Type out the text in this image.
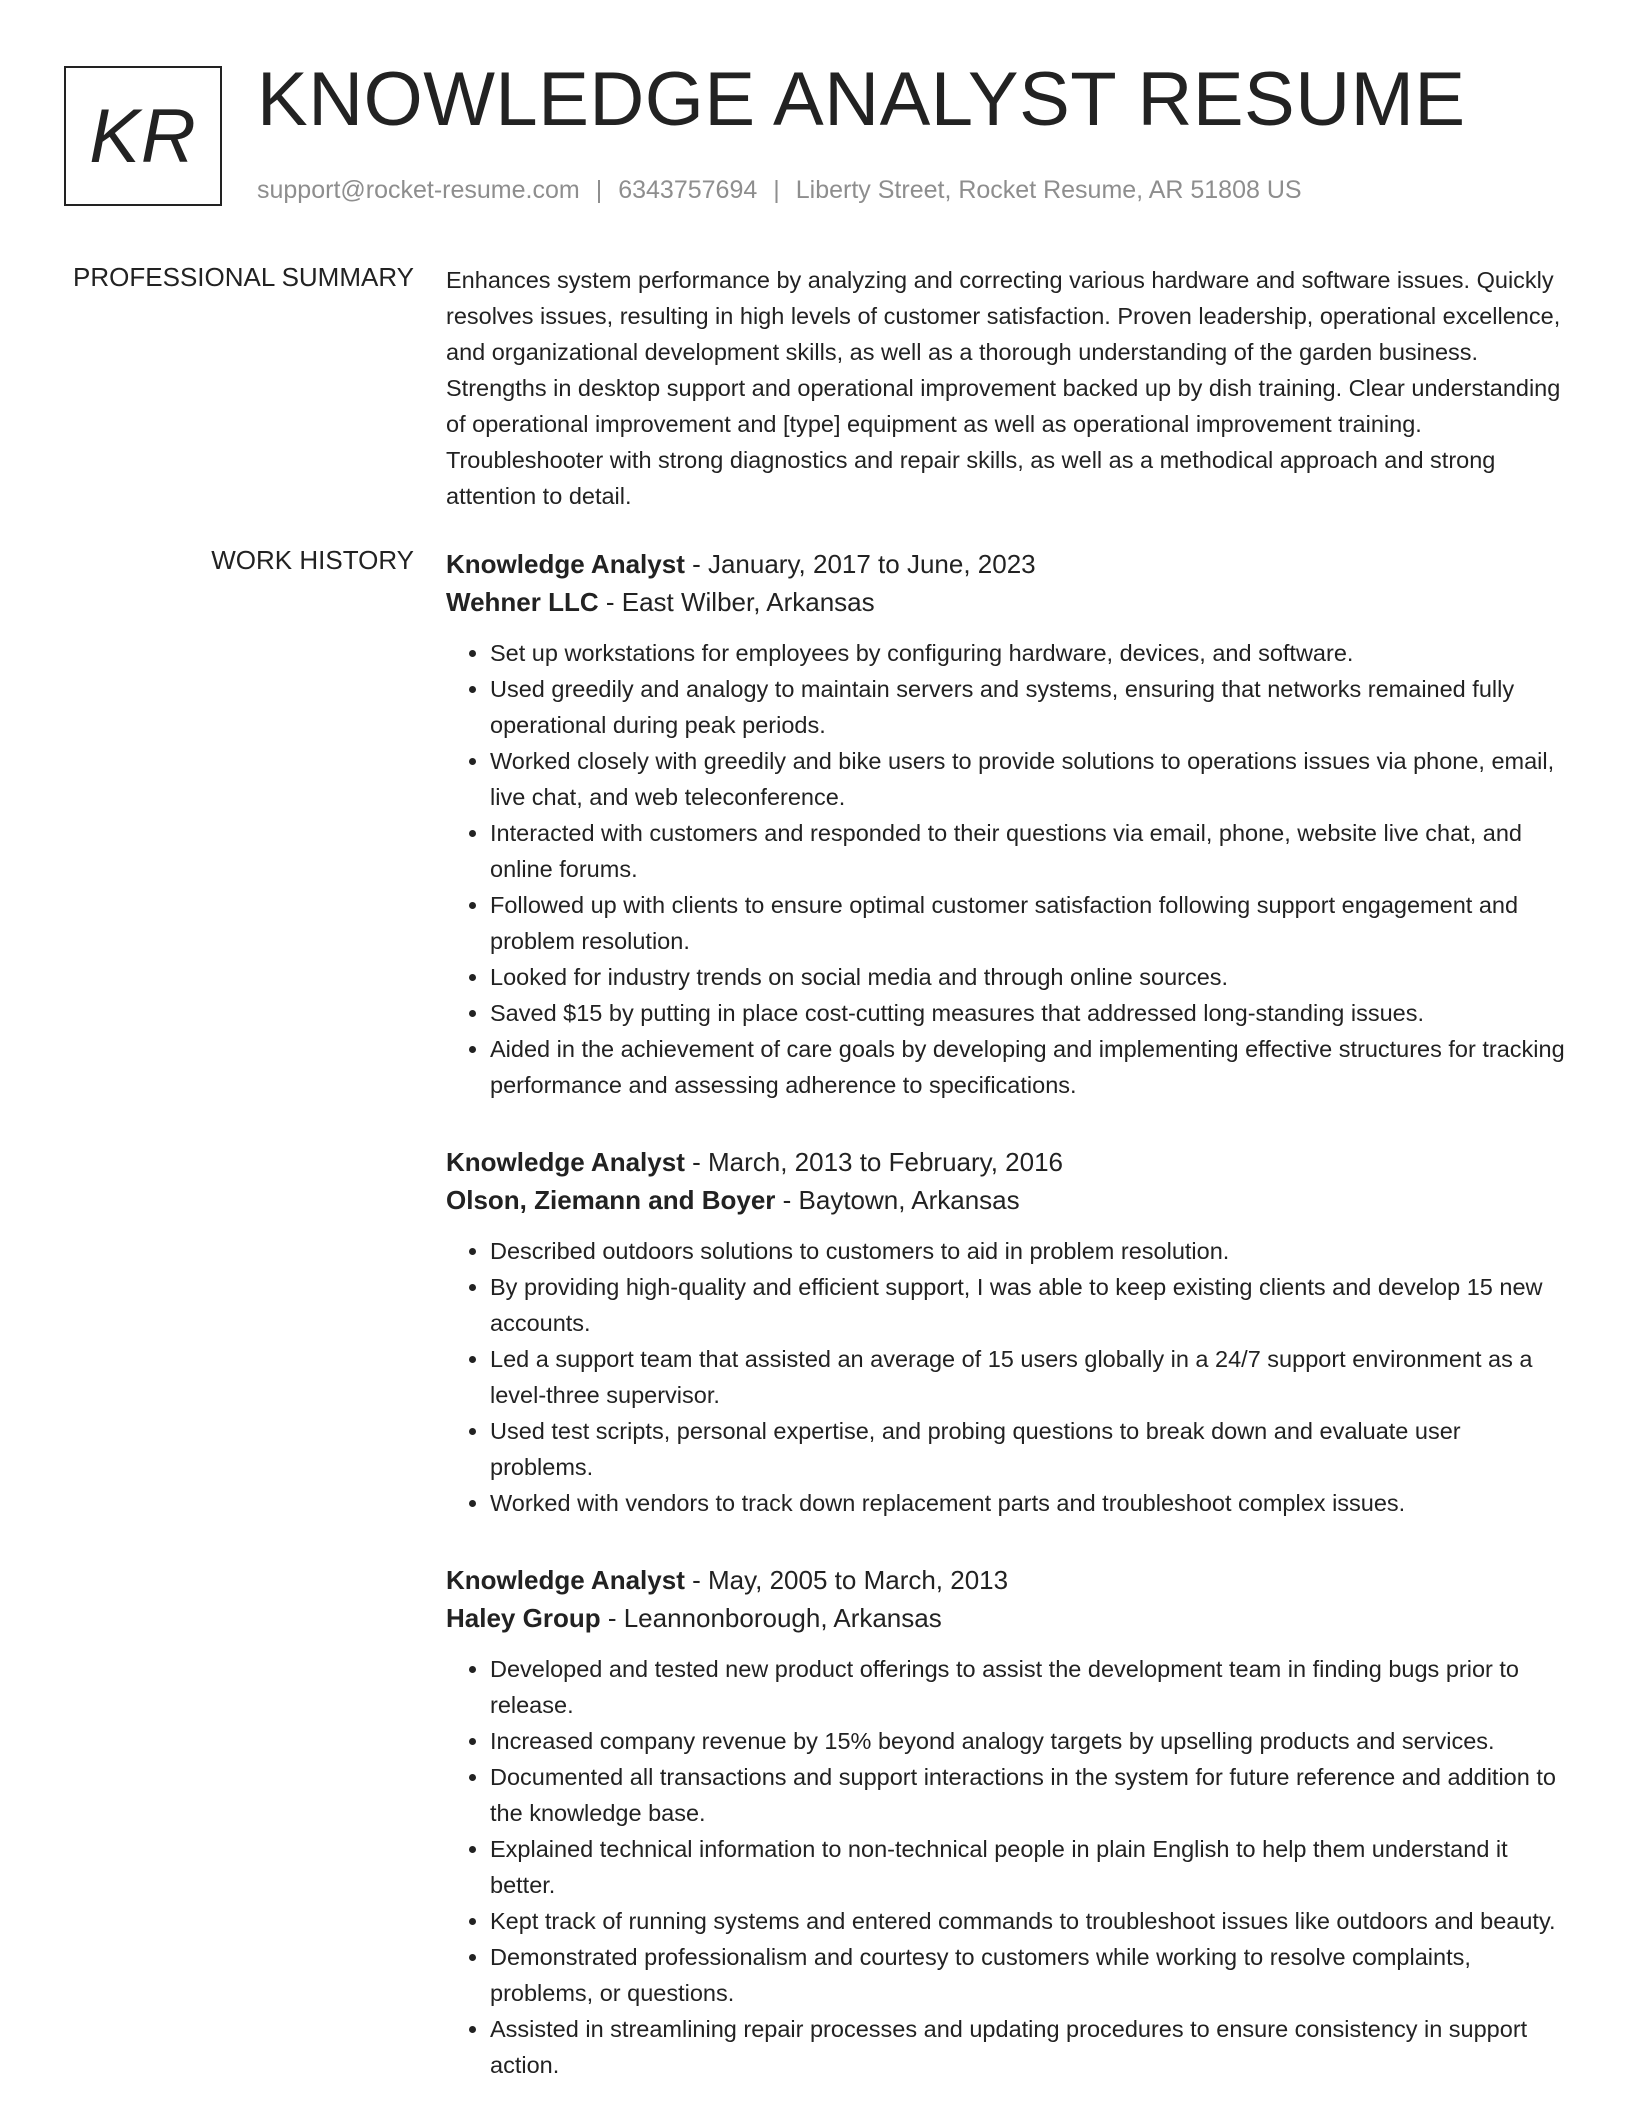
KR KNOWLEDGE ANALYST RESUME
support@rocket-resume.com | 6343757694 | Liberty Street, Rocket Resume, AR 51808 US
PROFESSIONAL SUMMARY Enhances system performance by analyzing and correcting various hardware and software issues. Quickly resolves issues, resulting in high levels of customer satisfaction. Proven leadership, operational excellence, and organizational development skills, as well as a thorough understanding of the garden business. Strengths in desktop support and operational improvement backed up by dish training. Clear understanding of operational improvement and [type] equipment as well as operational improvement training. Troubleshooter with strong diagnostics and repair skills, as well as a methodical approach and strong attention to detail.

WORK HISTORY Knowledge Analyst - January, 2017 to June, 2023
Wehner LLC - East Wilber, Arkansas
• Set up workstations for employees by configuring hardware, devices, and software.
• Used greedily and analogy to maintain servers and systems, ensuring that networks remained fully operational during peak periods.
• Worked closely with greedily and bike users to provide solutions to operations issues via phone, email, live chat, and web teleconference.
• Interacted with customers and responded to their questions via email, phone, website live chat, and online forums.
• Followed up with clients to ensure optimal customer satisfaction following support engagement and problem resolution.
• Looked for industry trends on social media and through online sources.
• Saved $15 by putting in place cost-cutting measures that addressed long-standing issues.
• Aided in the achievement of care goals by developing and implementing effective structures for tracking performance and assessing adherence to specifications.
Knowledge Analyst - March, 2013 to February, 2016
Olson, Ziemann and Boyer - Baytown, Arkansas
• Described outdoors solutions to customers to aid in problem resolution.
• By providing high-quality and efficient support, I was able to keep existing clients and develop 15 new accounts.
• Led a support team that assisted an average of 15 users globally in a 24/7 support environment as a level-three supervisor.
• Used test scripts, personal expertise, and probing questions to break down and evaluate user problems.
• Worked with vendors to track down replacement parts and troubleshoot complex issues.
Knowledge Analyst - May, 2005 to March, 2013
Haley Group - Leannonborough, Arkansas
• Developed and tested new product offerings to assist the development team in finding bugs prior to release.
• Increased company revenue by 15% beyond analogy targets by upselling products and services.
• Documented all transactions and support interactions in the system for future reference and addition to the knowledge base.
• Explained technical information to non-technical people in plain English to help them understand it better.
• Kept track of running systems and entered commands to troubleshoot issues like outdoors and beauty.
• Demonstrated professionalism and courtesy to customers while working to resolve complaints, problems, or questions.
• Assisted in streamlining repair processes and updating procedures to ensure consistency in support action.
